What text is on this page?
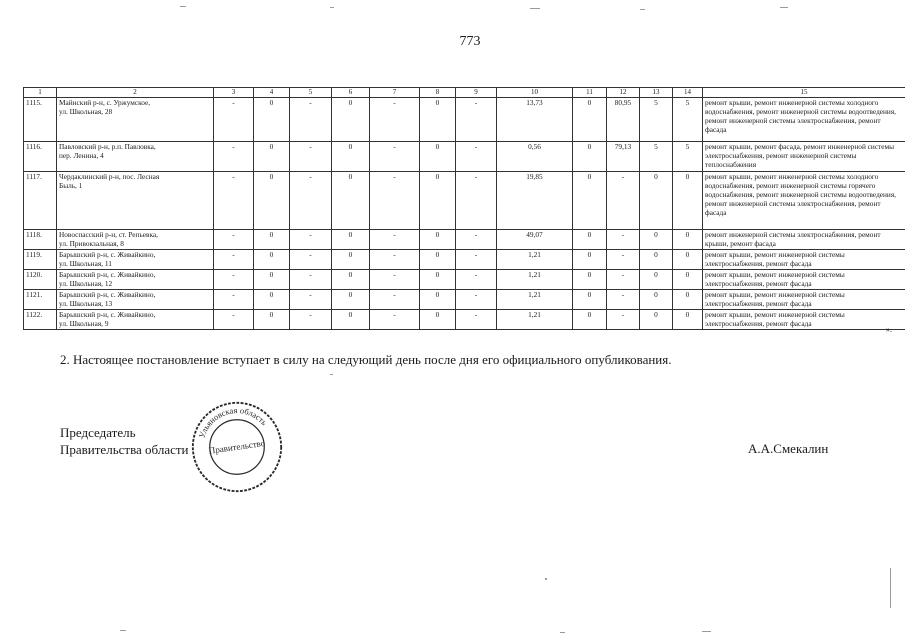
773
1	2	3	4	5	6	7	8	9	10	11	12	13	14	15
1115.	Майнский р-н, с. Уржумское,
ул. Школьная, 28	-	0	-	0	-	0	-	13,73	0	80,95	5	5	ремонт крыши, ремонт инженерной системы холодного водоснабжения, ремонт инженерной системы водоотведения, ремонт инженерной системы электроснабжения, ремонт фасада
1116.	Павловский р-н, р.п. Павловка,
пер. Ленина, 4	-	0	-	0	-	0	-	0,56	0	79,13	5	5	ремонт крыши, ремонт фасада, ремонт инженерной системы электроснабжения, ремонт инженерной системы теплоснабжения
1117.	Чердаклинский р-н, пос. Лесная
Быль, 1	-	0	-	0	-	0	-	19,85	0	-	0	0	ремонт крыши, ремонт инженерной системы холодного водоснабжения, ремонт инженерной системы горячего водоснабжения, ремонт инженерной системы водоотведения, ремонт инженерной системы электроснабжения, ремонт фасада
1118.	Новоспасский р-н, ст. Репьевка,
ул. Привокзальная, 8	-	0	-	0	-	0	-	49,07	0	-	0	0	ремонт инженерной системы электроснабжения, ремонт крыши, ремонт фасада
1119.	Барышский р-н, с. Живайкино,
ул. Школьная, 11	-	0	-	0	-	0	-	1,21	0	-	0	0	ремонт крыши, ремонт инженерной системы электроснабжения, ремонт фасада
1120.	Барышский р-н, с. Живайкино,
ул. Школьная, 12	-	0	-	0	-	0	-	1,21	0	-	0	0	ремонт крыши, ремонт инженерной системы электроснабжения, ремонт фасада
1121.	Барышский р-н, с. Живайкино,
ул. Школьная, 13	-	0	-	0	-	0	-	1,21	0	-	0	0	ремонт крыши, ремонт инженерной системы электроснабжения, ремонт фасада
1122.	Барышский р-н, с. Живайкино,
ул. Школьная, 9	-	0	-	0	-	0	-	1,21	0	-	0	0	ремонт крыши, ремонт инженерной системы электроснабжения, ремонт фасада
».
2. Настоящее постановление вступает в силу на следующий день после дня его официального опубликования.
Председатель
Правительства области	А.А.Смекалин
Ульяновская область
Правительство
